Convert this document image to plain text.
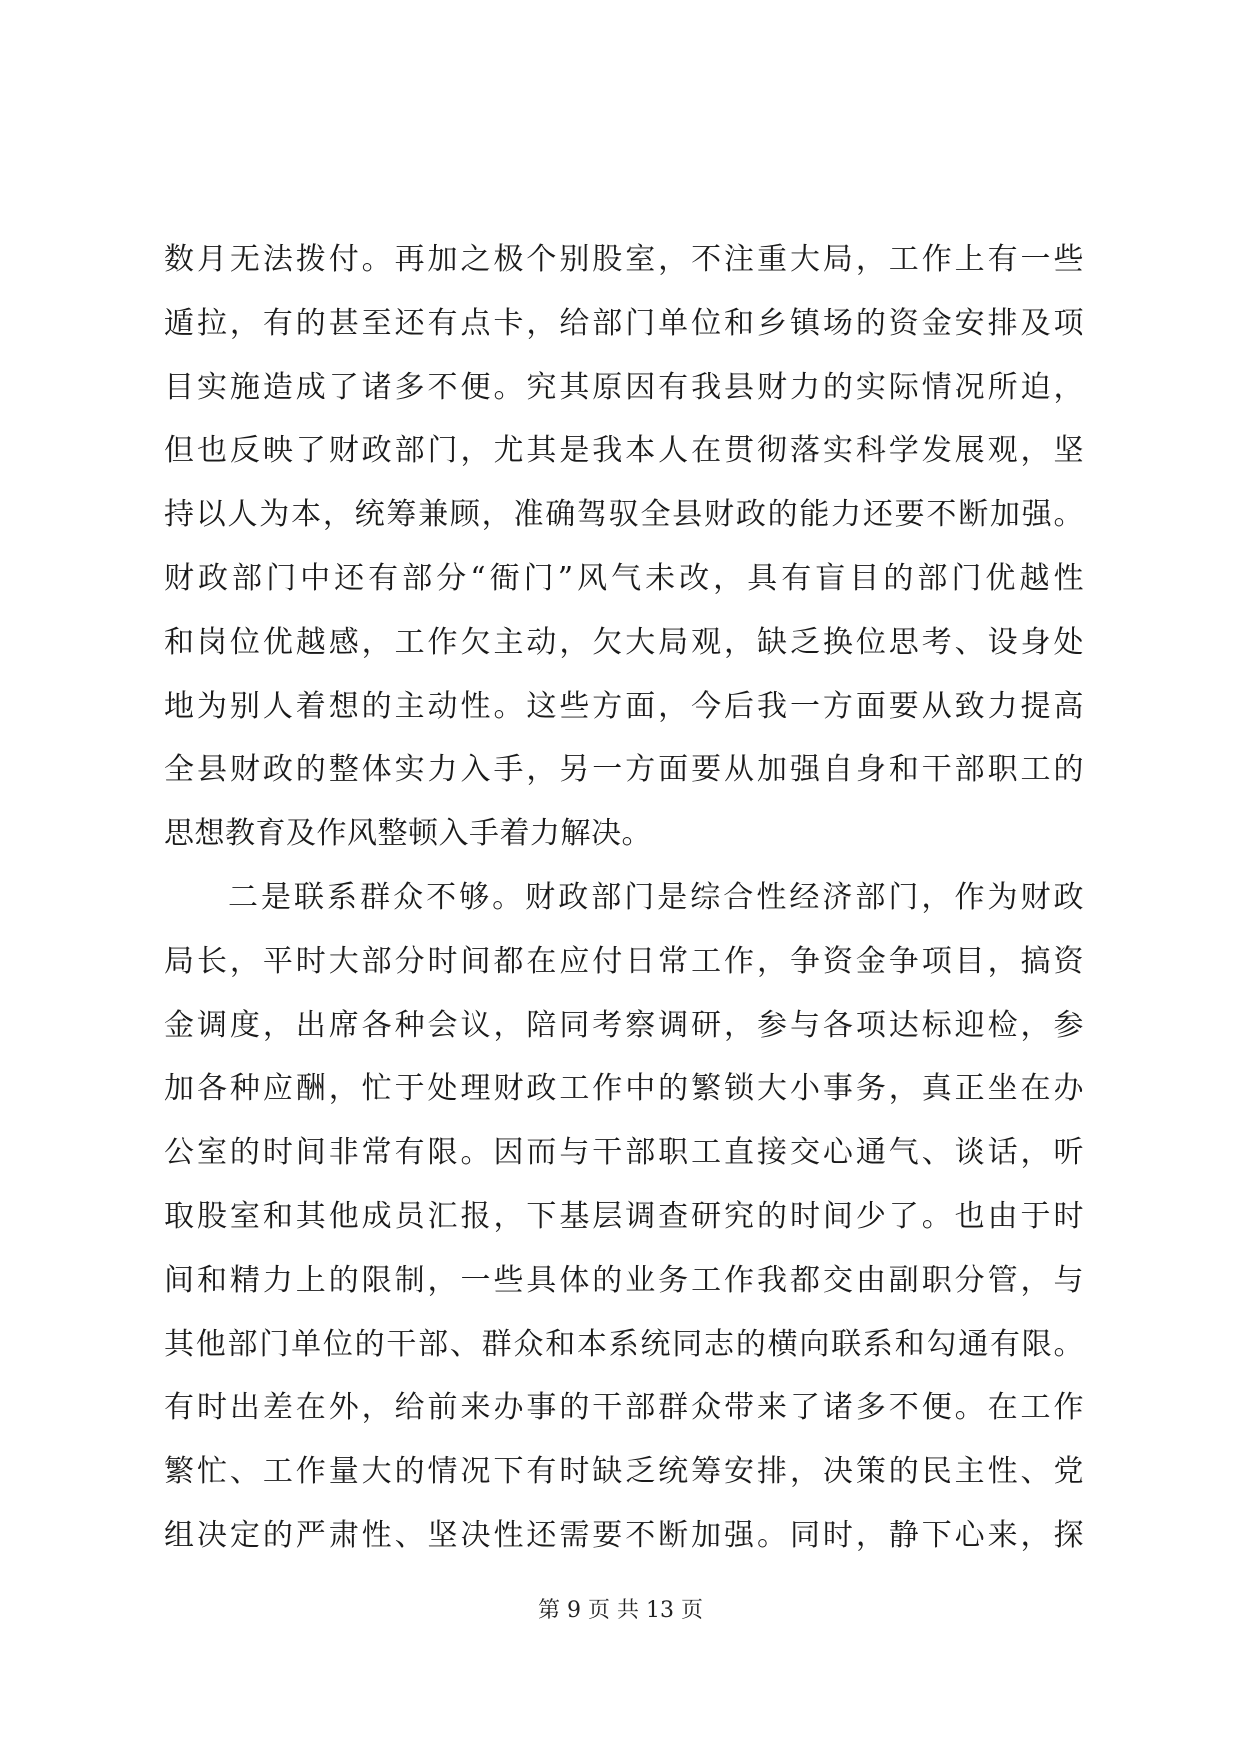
数月无法拨付。再加之极个别股室，不注重大局，工作上有一些
遁拉，有的甚至还有点卡，给部门单位和乡镇场的资金安排及项
目实施造成了诸多不便。究其原因有我县财力的实际情况所迫，
但也反映了财政部门，尤其是我本人在贯彻落实科学发展观，坚
持以人为本，统筹兼顾，准确驾驭全县财政的能力还要不断加强。
财政部门中还有部分“衙门”风气未改，具有盲目的部门优越性
和岗位优越感，工作欠主动，欠大局观，缺乏换位思考、设身处
地为别人着想的主动性。这些方面，今后我一方面要从致力提高
全县财政的整体实力入手，另一方面要从加强自身和干部职工的
思想教育及作风整顿入手着力解决。
二是联系群众不够。财政部门是综合性经济部门，作为财政
局长，平时大部分时间都在应付日常工作，争资金争项目，搞资
金调度，出席各种会议，陪同考察调研，参与各项达标迎检，参
加各种应酬，忙于处理财政工作中的繁锁大小事务，真正坐在办
公室的时间非常有限。因而与干部职工直接交心通气、谈话，听
取股室和其他成员汇报，下基层调查研究的时间少了。也由于时
间和精力上的限制，一些具体的业务工作我都交由副职分管，与
其他部门单位的干部、群众和本系统同志的横向联系和勾通有限。
有时出差在外，给前来办事的干部群众带来了诸多不便。在工作
繁忙、工作量大的情况下有时缺乏统筹安排，决策的民主性、党
组决定的严肃性、坚决性还需要不断加强。同时，静下心来，探
第 9 页 共 13 页
